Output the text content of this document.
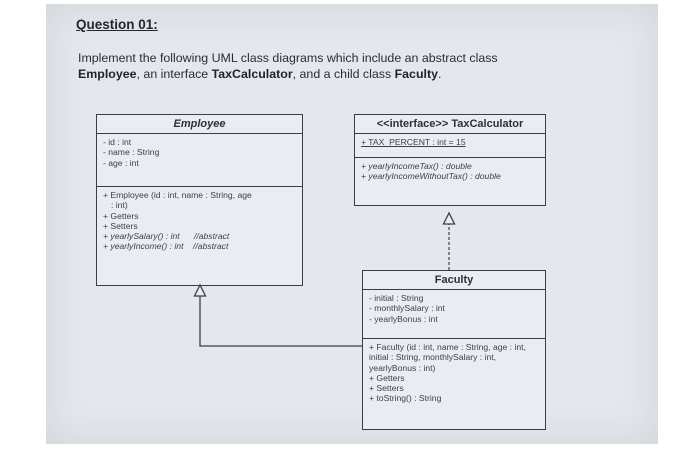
Question 01:
Implement the following UML class diagrams which include an abstract class
Employee, an interface TaxCalculator, and a child class Faculty.
Employee
- id : int
- name : String
- age : int
+ Employee (id : int, name : String, age
: int)
+ Getters
+ Setters
+ yearlySalary() : int      //abstract
+ yearlyIncome() : int    //abstract
<<interface>> TaxCalculator
+ TAX_PERCENT : int = 15
+ yearlyIncomeTax() : double
+ yearlyIncomeWithoutTax() : double
Faculty
- initial : String
- monthlySalary : int
- yearlyBonus : int
+ Faculty (id : int, name : String, age : int,
initial : String, monthlySalary : int,
yearlyBonus : int)
+ Getters
+ Setters
+ toString() : String
